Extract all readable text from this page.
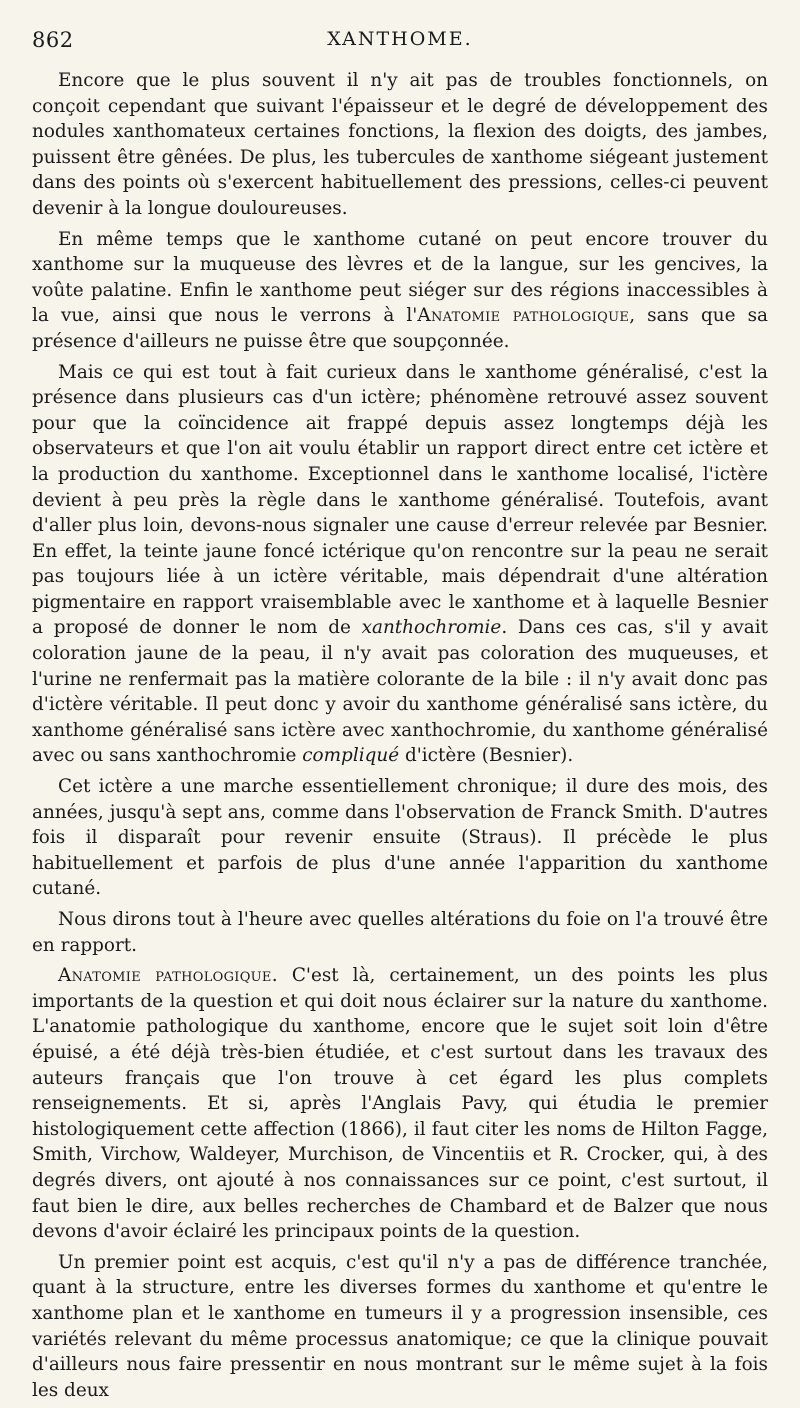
862	XANTHOME.

Encore que le plus souvent il n'y ait pas de troubles fonctionnels, on conçoit cependant que suivant l'épaisseur et le degré de développement des nodules xanthomateux certaines fonctions, la flexion des doigts, des jambes, puissent être gênées. De plus, les tubercules de xanthome siégeant justement dans des points où s'exercent habituellement des pressions, celles-ci peuvent devenir à la longue douloureuses.

En même temps que le xanthome cutané on peut encore trouver du xanthome sur la muqueuse des lèvres et de la langue, sur les gencives, la voûte palatine. Enfin le xanthome peut siéger sur des régions inaccessibles à la vue, ainsi que nous le verrons à l'Anatomie pathologique, sans que sa présence d'ailleurs ne puisse être que soupçonnée.

Mais ce qui est tout à fait curieux dans le xanthome généralisé, c'est la présence dans plusieurs cas d'un ictère; phénomène retrouvé assez souvent pour que la coïncidence ait frappé depuis assez longtemps déjà les observateurs et que l'on ait voulu établir un rapport direct entre cet ictère et la production du xanthome. Exceptionnel dans le xanthome localisé, l'ictère devient à peu près la règle dans le xanthome généralisé. Toutefois, avant d'aller plus loin, devons-nous signaler une cause d'erreur relevée par Besnier. En effet, la teinte jaune foncé ictérique qu'on rencontre sur la peau ne serait pas toujours liée à un ictère véritable, mais dépendrait d'une altération pigmentaire en rapport vraisemblable avec le xanthome et à laquelle Besnier a proposé de donner le nom de xanthochromie. Dans ces cas, s'il y avait coloration jaune de la peau, il n'y avait pas coloration des muqueuses, et l'urine ne renfermait pas la matière colorante de la bile : il n'y avait donc pas d'ictère véritable. Il peut donc y avoir du xanthome généralisé sans ictère, du xanthome généralisé sans ictère avec xanthochromie, du xanthome généralisé avec ou sans xanthochromie compliqué d'ictère (Besnier).

Cet ictère a une marche essentiellement chronique; il dure des mois, des années, jusqu'à sept ans, comme dans l'observation de Franck Smith. D'autres fois il disparaît pour revenir ensuite (Straus). Il précède le plus habituellement et parfois de plus d'une année l'apparition du xanthome cutané.

Nous dirons tout à l'heure avec quelles altérations du foie on l'a trouvé être en rapport.

Anatomie pathologique. C'est là, certainement, un des points les plus importants de la question et qui doit nous éclairer sur la nature du xanthome. L'anatomie pathologique du xanthome, encore que le sujet soit loin d'être épuisé, a été déjà très-bien étudiée, et c'est surtout dans les travaux des auteurs français que l'on trouve à cet égard les plus complets renseignements. Et si, après l'Anglais Pavy, qui étudia le premier histologiquement cette affection (1866), il faut citer les noms de Hilton Fagge, Smith, Virchow, Waldeyer, Murchison, de Vincentiis et R. Crocker, qui, à des degrés divers, ont ajouté à nos connaissances sur ce point, c'est surtout, il faut bien le dire, aux belles recherches de Chambard et de Balzer que nous devons d'avoir éclairé les principaux points de la question.

Un premier point est acquis, c'est qu'il n'y a pas de différence tranchée, quant à la structure, entre les diverses formes du xanthome et qu'entre le xanthome plan et le xanthome en tumeurs il y a progression insensible, ces variétés relevant du même processus anatomique; ce que la clinique pouvait d'ailleurs nous faire pressentir en nous montrant sur le même sujet à la fois les deux
